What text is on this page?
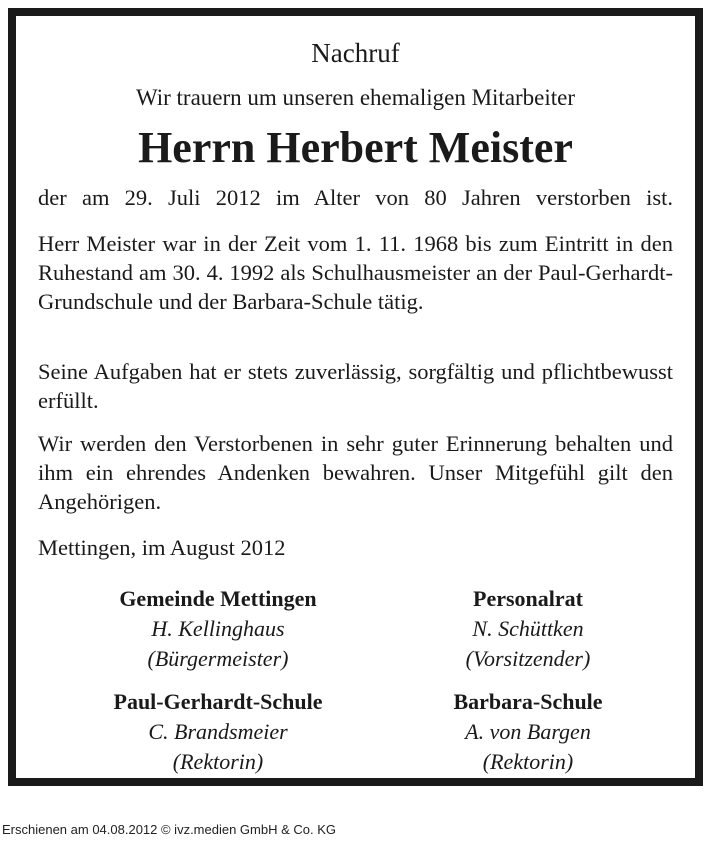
Nachruf
Wir trauern um unseren ehemaligen Mitarbeiter
Herrn Herbert Meister
der am 29. Juli 2012 im Alter von 80 Jahren verstorben ist.
Herr Meister war in der Zeit vom 1. 11. 1968 bis zum Eintritt in den Ruhestand am 30. 4. 1992 als Schulhausmeister an der Paul-Gerhardt-Grundschule und der Barbara-Schule tätig.
Seine Aufgaben hat er stets zuverlässig, sorgfältig und pflichtbewusst erfüllt.
Wir werden den Verstorbenen in sehr guter Erinnerung behalten und ihm ein ehrendes Andenken bewahren. Unser Mitgefühl gilt den Angehörigen.
Mettingen, im August 2012
Gemeinde Mettingen
H. Kellinghaus
(Bürgermeister)
Personalrat
N. Schüttken
(Vorsitzender)
Paul-Gerhardt-Schule
C. Brandsmeier
(Rektorin)
Barbara-Schule
A. von Bargen
(Rektorin)
Erschienen am 04.08.2012 © ivz.medien GmbH & Co. KG
